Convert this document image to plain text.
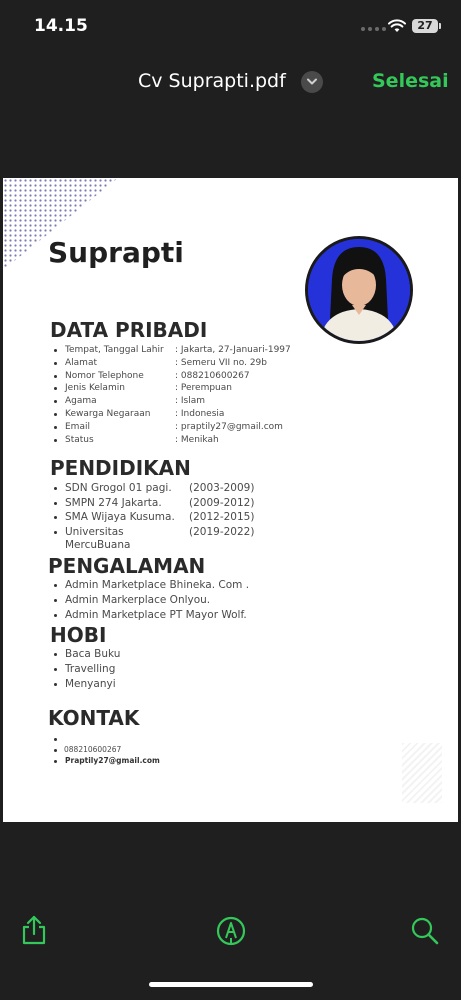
14.15	27
Cv Suprapti.pdf	Selesai
Suprapti
DATA PRIBADI
Tempat, Tanggal Lahir : Jakarta, 27-Januari-1997
Alamat	: Semeru VII no. 29b
Nomor Telephone	: 088210600267
Jenis Kelamin	: Perempuan
Agama	: Islam
Kewarga Negaraan	: Indonesia
Email	: praptily27@gmail.com
Status	: Menikah
PENDIDIKAN
SDN Grogol 01 pagi. (2003-2009)
SMPN 274 Jakarta.	(2009-2012)
SMA Wijaya Kusuma. (2012-2015)
Universitas	(2019-2022)
MercuBuana
PENGALAMAN
Admin Marketplace Bhineka. Com .
Admin Markerplace Onlyou.
Admin Marketplace PT Mayor Wolf.
HOBI
Baca Buku
Travelling
Menyanyi
KONTAK

088210600267
Praptily27@gmail.com
